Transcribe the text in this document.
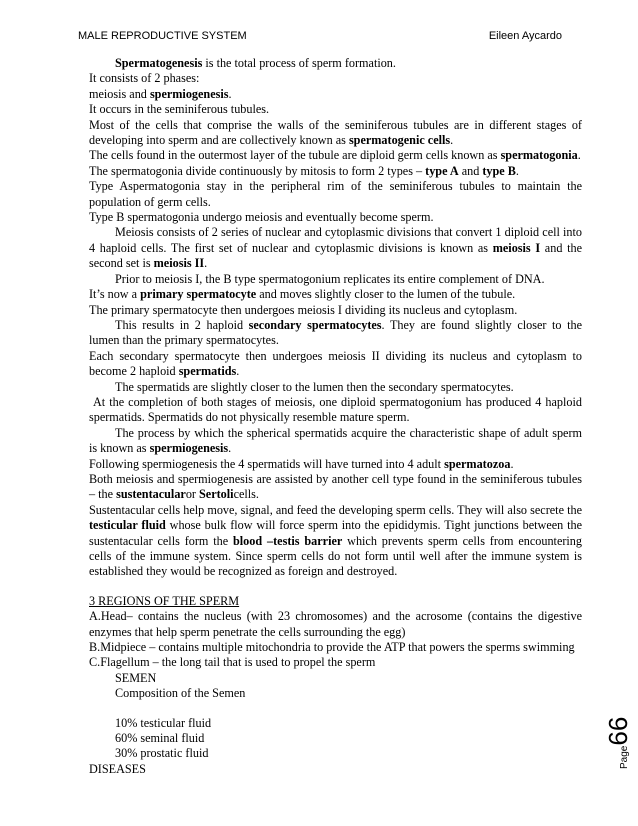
MALE REPRODUCTIVE SYSTEM	Eileen Aycardo

Spermatogenesis is the total process of sperm formation.

It consists of 2 phases:

meiosis and spermiogenesis.

It occurs in the seminiferous tubules.

Most of the cells that comprise the walls of the seminiferous tubules are in different stages of developing into sperm and are collectively known as spermatogenic cells.

The cells found in the outermost layer of the tubule are diploid germ cells known as spermatogonia.

The spermatogonia divide continuously by mitosis to form 2 types – type A and type B.

Type Aspermatogonia stay in the peripheral rim of the seminiferous tubules to maintain the population of germ cells.

Type B spermatogonia undergo meiosis and eventually become sperm.

Meiosis consists of 2 series of nuclear and cytoplasmic divisions that convert 1 diploid cell into 4 haploid cells. The first set of nuclear and cytoplasmic divisions is known as meiosis I and the second set is meiosis II.

Prior to meiosis I, the B type spermatogonium replicates its entire complement of DNA.

It’s now a primary spermatocyte and moves slightly closer to the lumen of the tubule.

The primary spermatocyte then undergoes meiosis I dividing its nucleus and cytoplasm.

This results in 2 haploid secondary spermatocytes. They are found slightly closer to the lumen than the primary spermatocytes.

Each secondary spermatocyte then undergoes meiosis II dividing its nucleus and cytoplasm to become 2 haploid spermatids.

The spermatids are slightly closer to the lumen then the secondary spermatocytes.

At the completion of both stages of meiosis, one diploid spermatogonium has produced 4 haploid spermatids. Spermatids do not physically resemble mature sperm.

The process by which the spherical spermatids acquire the characteristic shape of adult sperm is known as spermiogenesis.

Following spermiogenesis the 4 spermatids will have turned into 4 adult spermatozoa.

Both meiosis and spermiogenesis are assisted by another cell type found in the seminiferous tubules – the sustentacularor Sertolicells.

Sustentacular cells help move, signal, and feed the developing sperm cells. They will also secrete the testicular fluid whose bulk flow will force sperm into the epididymis. Tight junctions between the sustentacular cells form the blood –testis barrier which prevents sperm cells from encountering cells of the immune system. Since sperm cells do not form until well after the immune system is established they would be recognized as foreign and destroyed.

3 REGIONS OF THE SPERM

A.Head– contains the nucleus (with 23 chromosomes) and the acrosome (contains the digestive enzymes that help sperm penetrate the cells surrounding the egg)

B.Midpiece – contains multiple mitochondria to provide the ATP that powers the sperms swimming

C.Flagellum – the long tail that is used to propel the sperm

SEMEN

Composition of the Semen

10% testicular fluid

60% seminal fluid

30% prostatic fluid

DISEASES	Page66
